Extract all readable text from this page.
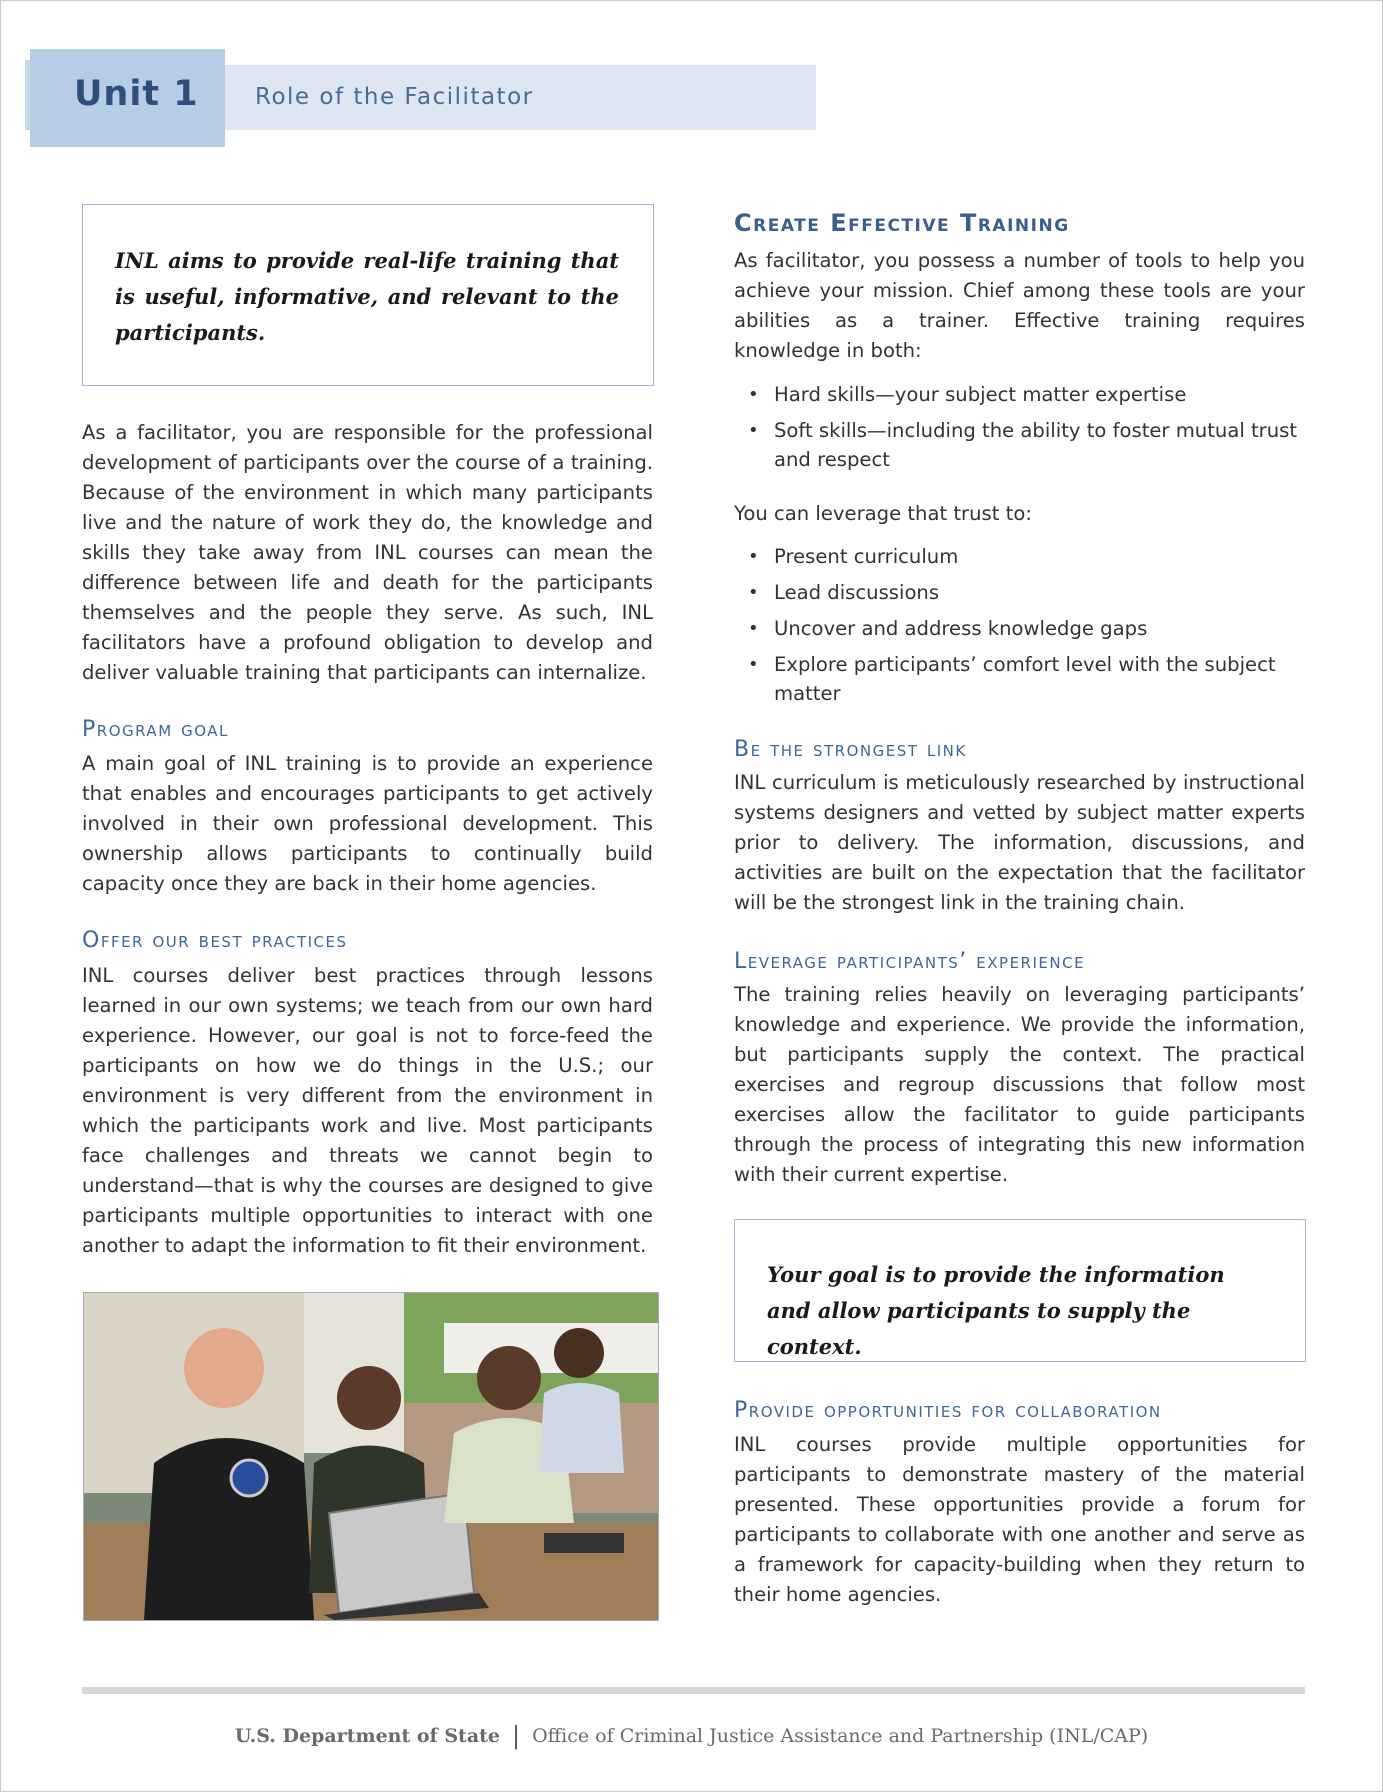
Unit 1 Role of the Facilitator
INL aims to provide real-life training that is useful, informative, and relevant to the participants.

As a facilitator, you are responsible for the professional development of participants over the course of a training. Because of the environment in which many participants live and the nature of work they do, the knowledge and skills they take away from INL courses can mean the difference between life and death for the participants themselves and the people they serve. As such, INL facilitators have a profound obligation to develop and deliver valuable training that participants can internalize.

Program goal

A main goal of INL training is to provide an experience that enables and encourages participants to get actively involved in their own professional development. This ownership allows participants to continually build capacity once they are back in their home agencies.

Offer our best practices

INL courses deliver best practices through lessons learned in our own systems; we teach from our own hard experience. However, our goal is not to force-feed the participants on how we do things in the U.S.; our environment is very different from the environment in which the participants work and live. Most participants face challenges and threats we cannot begin to understand—that is why the courses are designed to give participants multiple opportunities to interact with one another to adapt the information to fit their environment.

Create Effective Training

As facilitator, you possess a number of tools to help you achieve your mission. Chief among these tools are your abilities as a trainer. Effective training requires knowledge in both:

• Hard skills—your subject matter expertise
• Soft skills—including the ability to foster mutual trust and respect

You can leverage that trust to:

• Present curriculum
• Lead discussions
• Uncover and address knowledge gaps
• Explore participants’ comfort level with the subject matter
Be the strongest link

INL curriculum is meticulously researched by instructional systems designers and vetted by subject matter experts prior to delivery. The information, discussions, and activities are built on the expectation that the facilitator will be the strongest link in the training chain.

Leverage participants’ experience

The training relies heavily on leveraging participants’ knowledge and experience. We provide the information, but participants supply the context. The practical exercises and regroup discussions that follow most exercises allow the facilitator to guide participants through the process of integrating this new information with their current expertise.

Your goal is to provide the information and allow participants to supply the context.
Provide opportunities for collaboration

INL courses provide multiple opportunities for participants to demonstrate mastery of the material presented. These opportunities provide a forum for participants to collaborate with one another and serve as a framework for capacity-building when they return to their home agencies.

U.S. Department of State | Office of Criminal Justice Assistance and Partnership (INL/CAP)
